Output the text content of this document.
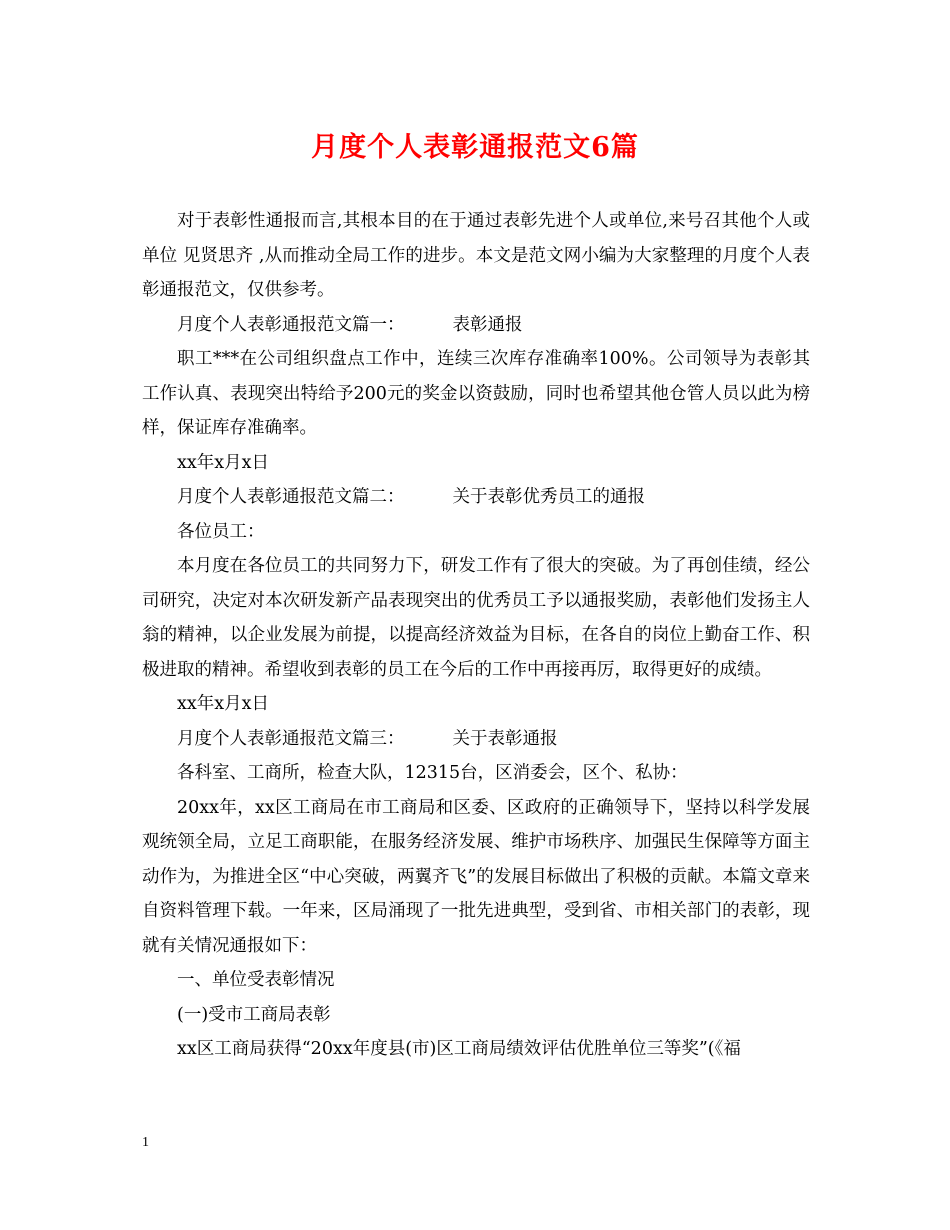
月度个人表彰通报范文6篇

对于表彰性通报而言,其根本目的在于通过表彰先进个人或单位,来号召其他个人或单位 见贤思齐 ,从而推动全局工作的进步。本文是范文网小编为大家整理的月度个人表彰通报范文，仅供参考。

月度个人表彰通报范文篇一：	表彰通报

职工***在公司组织盘点工作中，连续三次库存准确率100%。公司领导为表彰其工作认真、表现突出特给予200元的奖金以资鼓励，同时也希望其他仓管人员以此为榜样，保证库存准确率。

xx年x月x日

月度个人表彰通报范文篇二：	关于表彰优秀员工的通报

各位员工：

本月度在各位员工的共同努力下，研发工作有了很大的突破。为了再创佳绩，经公司研究，决定对本次研发新产品表现突出的优秀员工予以通报奖励，表彰他们发扬主人翁的精神，以企业发展为前提，以提高经济效益为目标，在各自的岗位上勤奋工作、积极进取的精神。希望收到表彰的员工在今后的工作中再接再厉，取得更好的成绩。

xx年x月x日

月度个人表彰通报范文篇三：	关于表彰通报

各科室、工商所，检查大队，12315台，区消委会，区个、私协：

20xx年，xx区工商局在市工商局和区委、区政府的正确领导下，坚持以科学发展观统领全局，立足工商职能，在服务经济发展、维护市场秩序、加强民生保障等方面主动作为，为推进全区“中心突破，两翼齐飞”的发展目标做出了积极的贡献。本篇文章来自资料管理下载。一年来，区局涌现了一批先进典型，受到省、市相关部门的表彰，现就有关情况通报如下：

一、单位受表彰情况

(一)受市工商局表彰

xx区工商局获得“20xx年度县(市)区工商局绩效评估优胜单位三等奖”(《福

1
